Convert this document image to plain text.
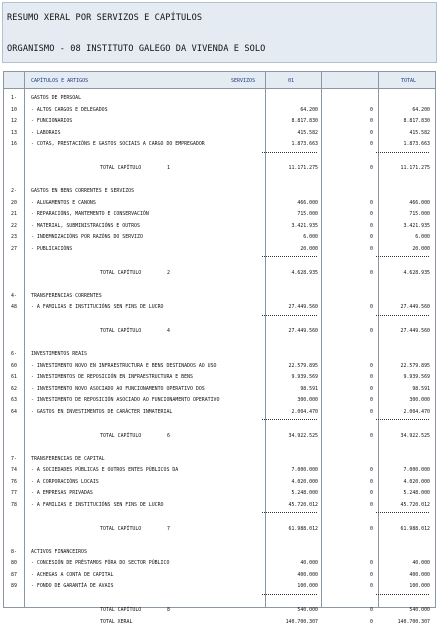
RESUMO XERAL POR SERVIZOS E CAPÍTULOS
ORGANISMO - 08 INSTITUTO GALEGO DA VIVENDA E SOLO
CAPÍTULOS E ARTIGOS	SERVIZOS	01	TOTAL
1-	GASTOS DE PERSOAL
10	- ALTOS CARGOS E DELEGADOS	64.200	0	64.200
12	- FUNCIONARIOS	8.817.830	0	8.817.830
13	- LABORAIS	415.582	0	415.582
16	- COTAS, PRESTACIÓNS E GASTOS SOCIAIS A CARGO DO EMPREGADOR	1.873.663	0	1.873.663
TOTAL CAPÍTULO	1	11.171.275	0	11.171.275
2-	GASTOS EN BENS CORRENTES E SERVIZOS
20	- ALUGAMENTOS E CANONS	466.000	0	466.000
21	- REPARACIÓNS, MANTEMENTO E CONSERVACIÓN	715.000	0	715.000
22	- MATERIAL, SUBMINISTRACIÓNS E OUTROS	3.421.935	0	3.421.935
23	- INDEMNIZACIÓNS POR RAZÓNS DO SERVIZO	6.000	0	6.000
27	- PUBLICACIÓNS	20.000	0	20.000
TOTAL CAPÍTULO	2	4.628.935	0	4.628.935
4-	TRANSFERENCIAS CORRENTES
48	- A FAMILIAS E INSTITUCIÓNS SEN FINS DE LUCRO	27.449.560	0	27.449.560
TOTAL CAPÍTULO	4	27.449.560	0	27.449.560
6-	INVESTIMENTOS REAIS
60	- INVESTIMENTO NOVO EN INFRAESTRUCTURA E BENS DESTINADOS AO USO	22.579.895	0	22.579.895
61	- INVESTIMENTOS DE REPOSICIÓN EN INFRAESTRUCTURA E BENS	9.939.569	0	9.939.569
62	- INVESTIMENTO NOVO ASOCIADO AO FUNCIONAMENTO OPERATIVO DOS	98.591	0	98.591
63	- INVESTIMENTO DE REPOSICIÓN ASOCIADO AO FUNCIONAMENTO OPERATIVO	300.000	0	300.000
64	- GASTOS EN INVESTIMENTOS DE CARÁCTER INMATERIAL	2.004.470	0	2.004.470
TOTAL CAPÍTULO	6	34.922.525	0	34.922.525
7-	TRANSFERENCIAS DE CAPITAL
74	- A SOCIEDADES PÚBLICAS E OUTROS ENTES PÚBLICOS DA	7.000.000	0	7.000.000
76	- A CORPORACIÓNS LOCAIS	4.020.000	0	4.020.000
77	- A EMPRESAS PRIVADAS	5.248.000	0	5.248.000
78	- A FAMILIAS E INSTITUCIÓNS SEN FINS DE LUCRO	45.720.012	0	45.720.012
TOTAL CAPÍTULO	7	61.988.012	0	61.988.012
8-	ACTIVOS FINANCEIROS
80	- CONCESIÓN DE PRÉSTAMOS FÓRA DO SECTOR PÚBLICO	40.000	0	40.000
87	- ACHEGAS A CONTA DE CAPITAL	400.000	0	400.000
89	- FONDO DE GARANTÍA DE AVAIS	100.000	0	100.000
TOTAL CAPÍTULO	8	540.000	0	540.000
TOTAL XERAL	140.700.307	0	140.700.307
